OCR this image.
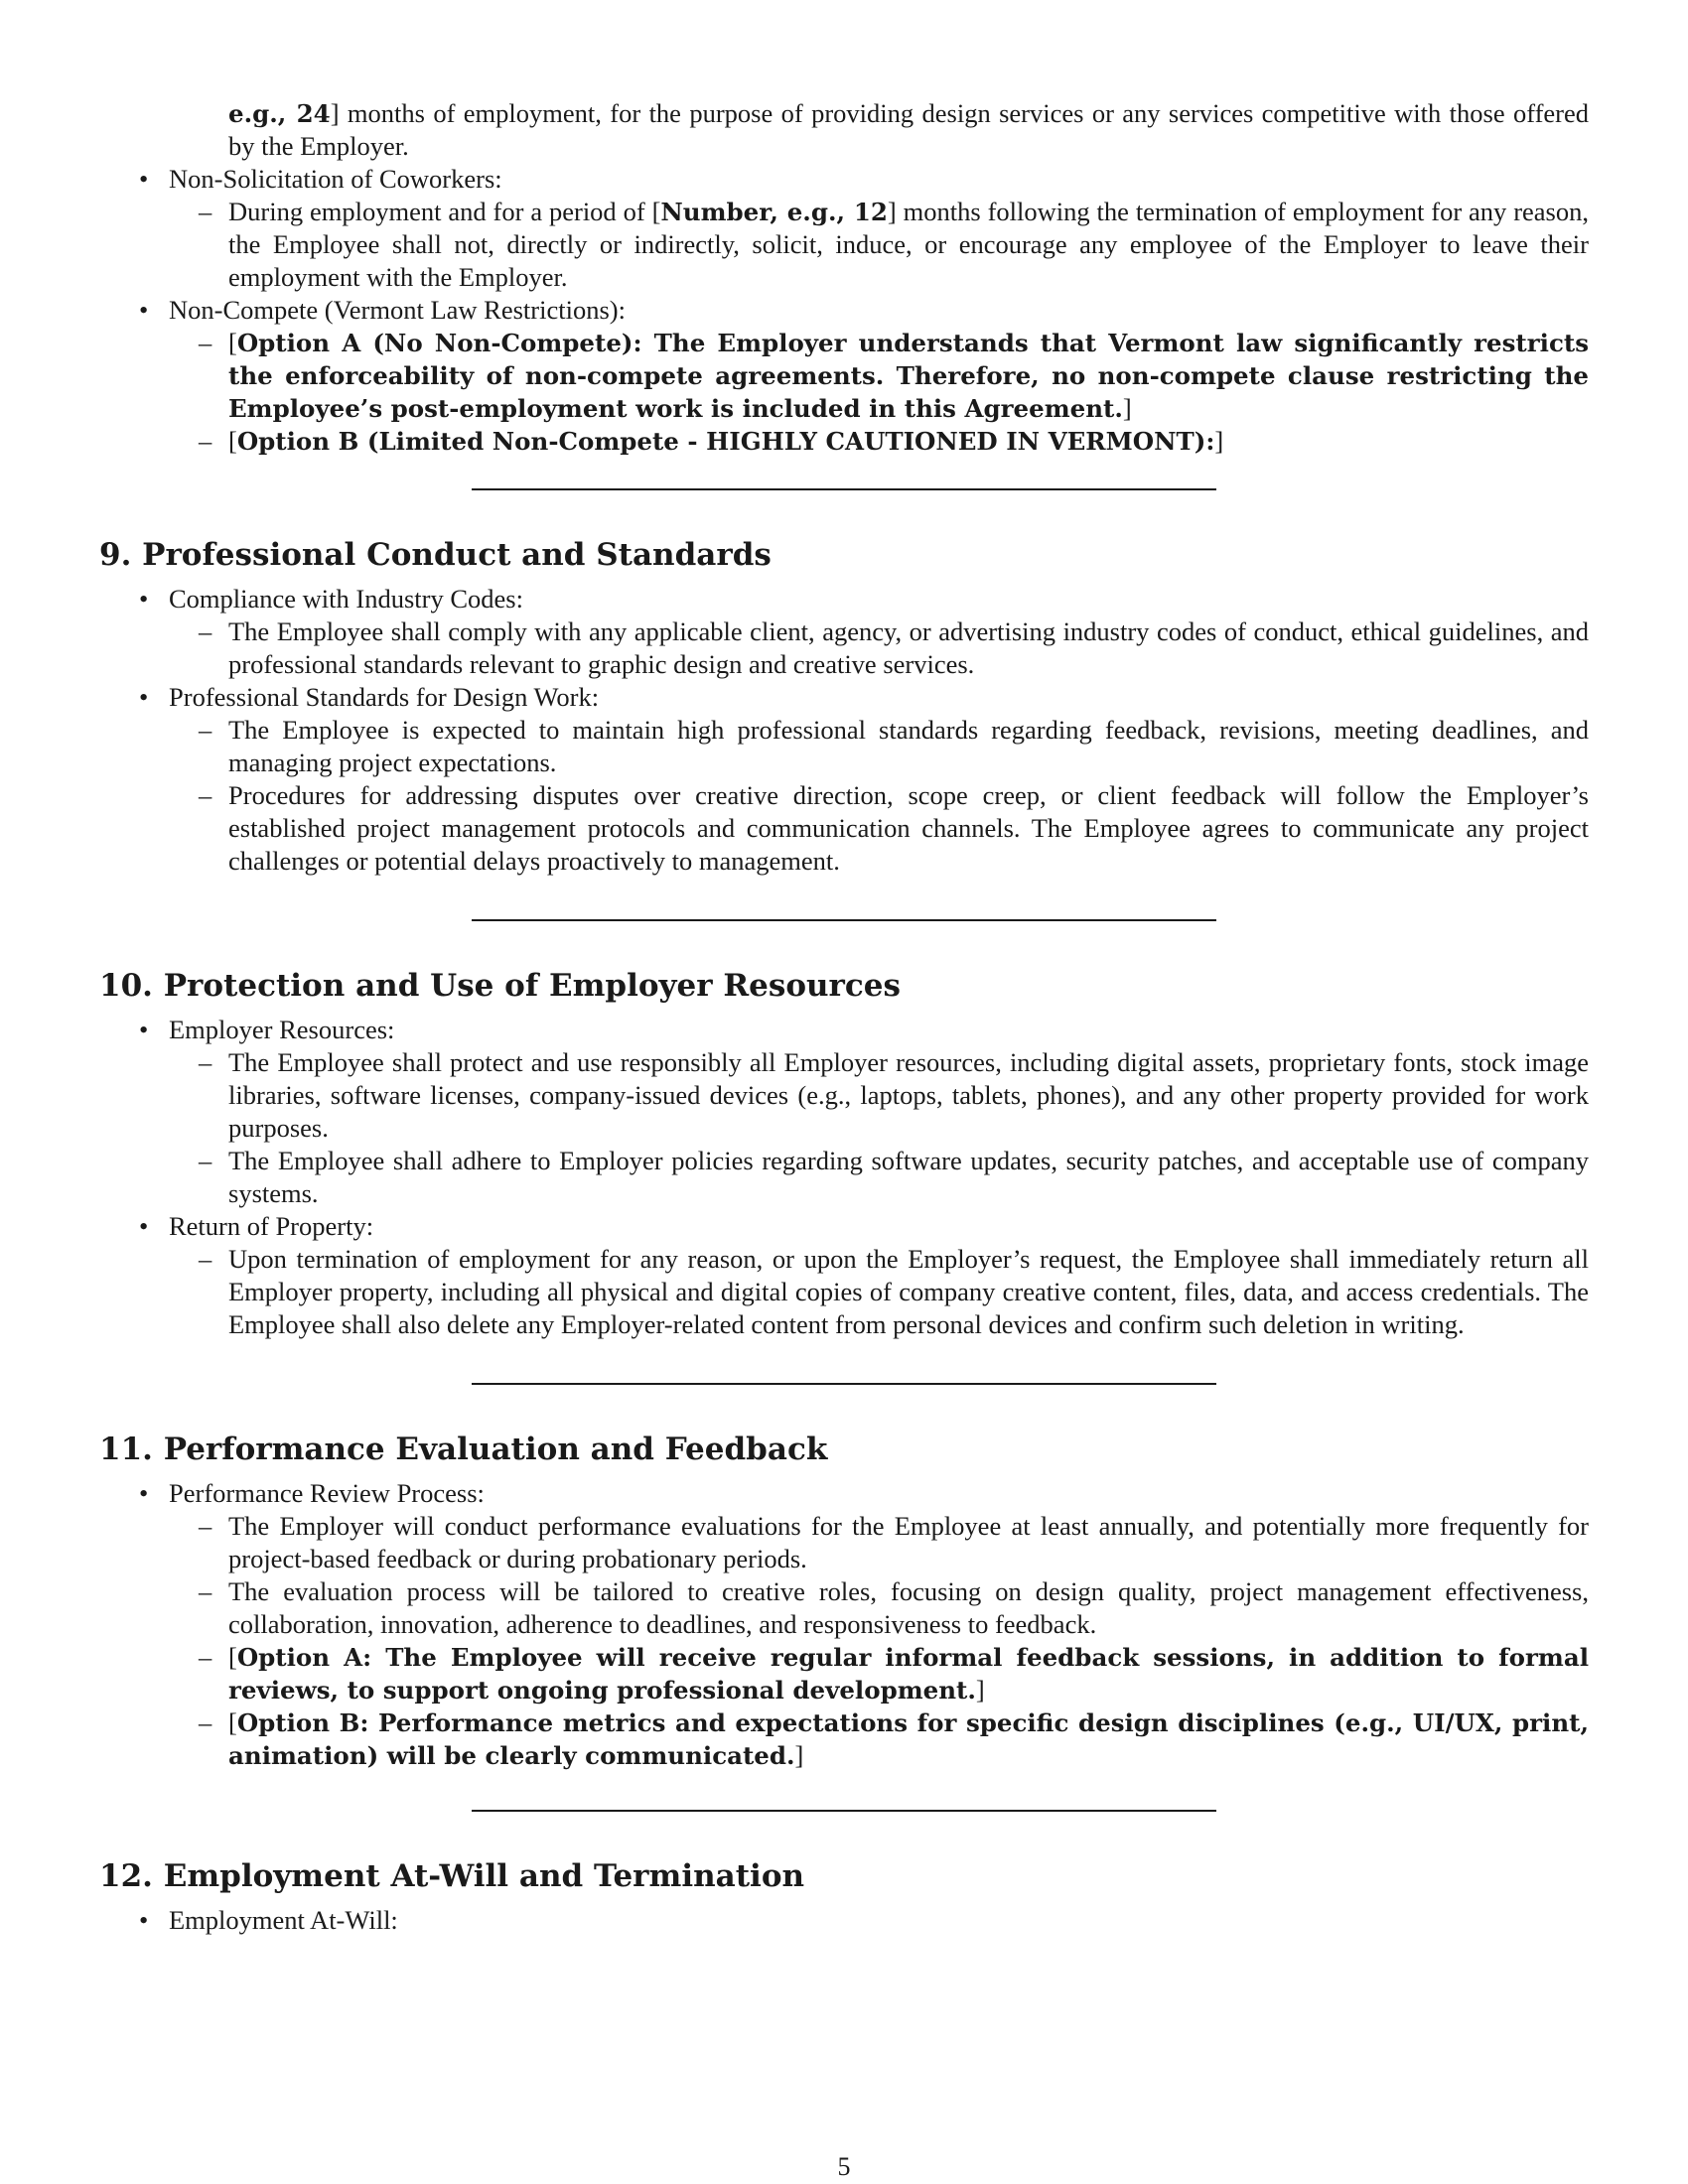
e.g., 24] months of employment, for the purpose of providing design services or any services competitive with those offered by the Employer.

• Non-Solicitation of Coworkers:
– During employment and for a period of [Number, e.g., 12] months following the termination of employment for any reason, the Employee shall not, directly or indirectly, solicit, induce, or encourage any employee of the Employer to leave their employment with the Employer.
• Non-Compete (Vermont Law Restrictions):
– [Option A (No Non-Compete): The Employer understands that Vermont law significantly restricts the enforceability of non-compete agreements. Therefore, no non-compete clause restricting the Employee’s post-employment work is included in this Agreement.]
– [Option B (Limited Non-Compete - HIGHLY CAUTIONED IN VERMONT):]
9. Professional Conduct and Standards
• Compliance with Industry Codes:
– The Employee shall comply with any applicable client, agency, or advertising industry codes of conduct, ethical guidelines, and professional standards relevant to graphic design and creative services.
• Professional Standards for Design Work:
– The Employee is expected to maintain high professional standards regarding feedback, revisions, meeting deadlines, and managing project expectations.
– Procedures for addressing disputes over creative direction, scope creep, or client feedback will follow the Employer’s established project management protocols and communication channels. The Employee agrees to communicate any project challenges or potential delays proactively to management.
10. Protection and Use of Employer Resources
• Employer Resources:
– The Employee shall protect and use responsibly all Employer resources, including digital assets, proprietary fonts, stock image libraries, software licenses, company-issued devices (e.g., laptops, tablets, phones), and any other property provided for work purposes.
– The Employee shall adhere to Employer policies regarding software updates, security patches, and acceptable use of company systems.
• Return of Property:
– Upon termination of employment for any reason, or upon the Employer’s request, the Employee shall immediately return all Employer property, including all physical and digital copies of company creative content, files, data, and access credentials. The Employee shall also delete any Employer-related content from personal devices and confirm such deletion in writing.
11. Performance Evaluation and Feedback
• Performance Review Process:
– The Employer will conduct performance evaluations for the Employee at least annually, and potentially more frequently for project-based feedback or during probationary periods.
– The evaluation process will be tailored to creative roles, focusing on design quality, project management effectiveness, collaboration, innovation, adherence to deadlines, and responsiveness to feedback.
– [Option A: The Employee will receive regular informal feedback sessions, in addition to formal reviews, to support ongoing professional development.]
– [Option B: Performance metrics and expectations for specific design disciplines (e.g., UI/UX, print, animation) will be clearly communicated.]
12. Employment At-Will and Termination
• Employment At-Will:
5
